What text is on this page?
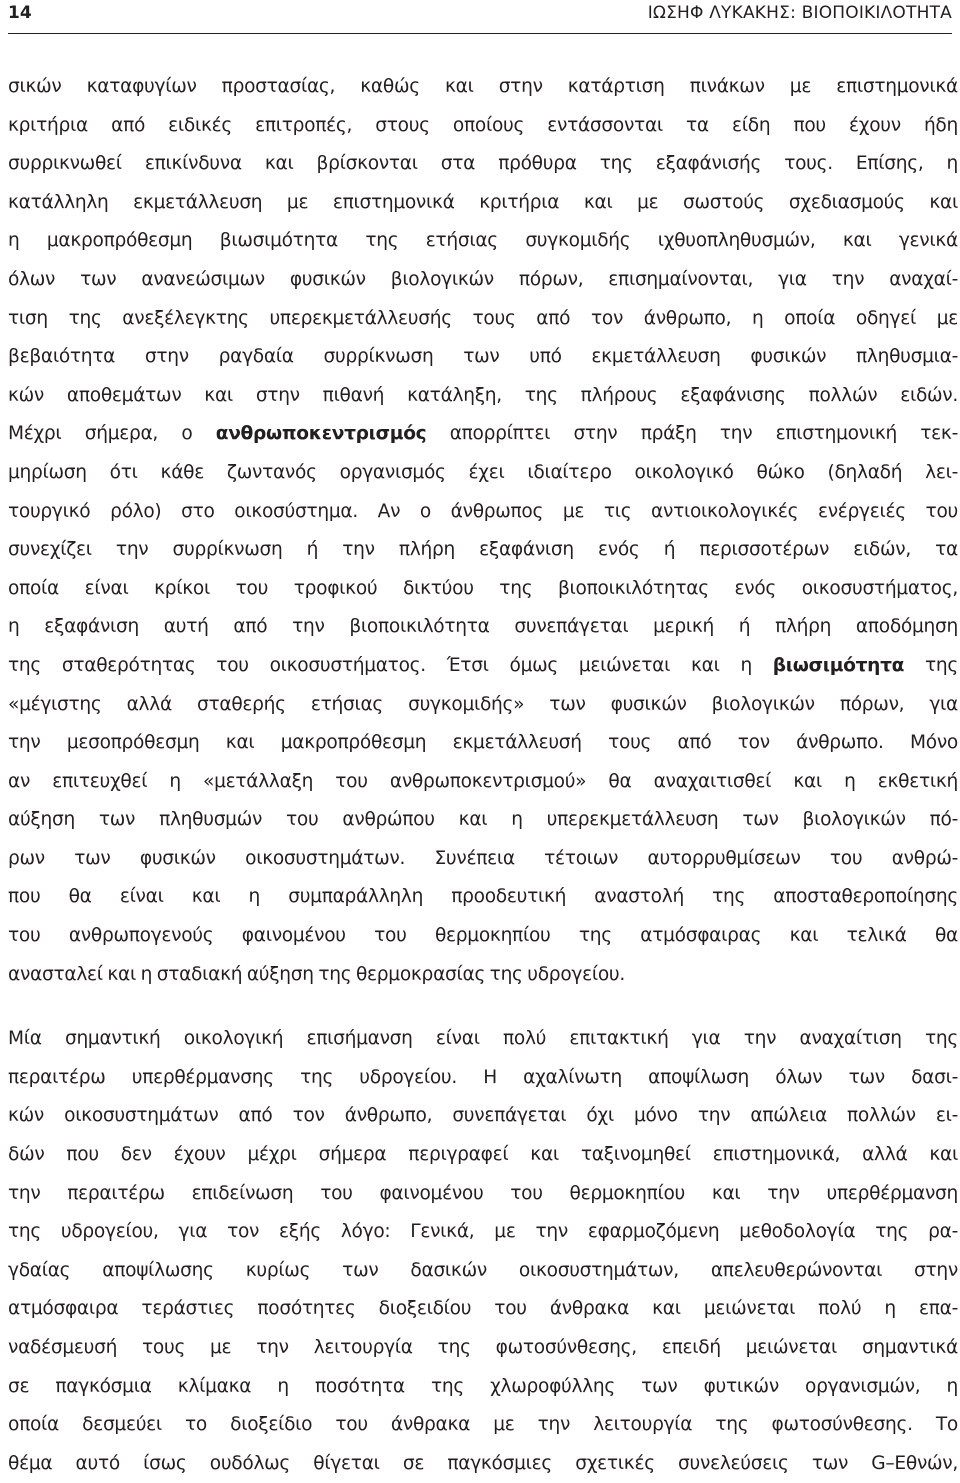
14	ΙΩΣΗΦ ΛΥΚΑΚΗΣ: ΒΙΟΠΟΙΚΙΛΟΤΗΤΑ
σικών καταφυγίων προστασίας, καθώς και στην κατάρτιση πινάκων με επιστημονικά
κριτήρια από ειδικές επιτροπές, στους οποίους εντάσσονται τα είδη που έχουν ήδη
συρρικνωθεί επικίνδυνα και βρίσκονται στα πρόθυρα της εξαφάνισής τους. Επίσης, η
κατάλληλη εκμετάλλευση με επιστημονικά κριτήρια και με σωστούς σχεδιασμούς και
η μακροπρόθεσμη βιωσιμότητα της ετήσιας συγκομιδής ιχθυοπληθυσμών, και γενικά
όλων των ανανεώσιμων φυσικών βιολογικών πόρων, επισημαίνονται, για την αναχαί-
τιση της ανεξέλεγκτης υπερεκμετάλλευσής τους από τον άνθρωπο, η οποία οδηγεί με
βεβαιότητα στην ραγδαία συρρίκνωση των υπό εκμετάλλευση φυσικών πληθυσμια-
κών αποθεμάτων και στην πιθανή κατάληξη, της πλήρους εξαφάνισης πολλών ειδών.
Μέχρι σήμερα, ο ανθρωποκεντρισμός απορρίπτει στην πράξη την επιστημονική τεκ-
μηρίωση ότι κάθε ζωντανός οργανισμός έχει ιδιαίτερο οικολογικό θώκο (δηλαδή λει-
τουργικό ρόλο) στο οικοσύστημα. Αν ο άνθρωπος με τις αντιοικολογικές ενέργειές του
συνεχίζει την συρρίκνωση ή την πλήρη εξαφάνιση ενός ή περισσοτέρων ειδών, τα
οποία είναι κρίκοι του τροφικού δικτύου της βιοποικιλότητας ενός οικοσυστήματος,
η εξαφάνιση αυτή από την βιοποικιλότητα συνεπάγεται μερική ή πλήρη αποδόμηση
της σταθερότητας του οικοσυστήματος. Έτσι όμως μειώνεται και η βιωσιμότητα της
«μέγιστης αλλά σταθερής ετήσιας συγκομιδής» των φυσικών βιολογικών πόρων, για
την μεσοπρόθεσμη και μακροπρόθεσμη εκμετάλλευσή τους από τον άνθρωπο. Μόνο
αν επιτευχθεί η «μετάλλαξη του ανθρωποκεντρισμού» θα αναχαιτισθεί και η εκθετική
αύξηση των πληθυσμών του ανθρώπου και η υπερεκμετάλλευση των βιολογικών πό-
ρων των φυσικών οικοσυστημάτων. Συνέπεια τέτοιων αυτορρυθμίσεων του ανθρώ-
που θα είναι και η συμπαράλληλη προοδευτική αναστολή της αποσταθεροποίησης
του ανθρωπογενούς φαινομένου του θερμοκηπίου της ατμόσφαιρας και τελικά θα
ανασταλεί και η σταδιακή αύξηση της θερμοκρασίας της υδρογείου.
Μία σημαντική οικολογική επισήμανση είναι πολύ επιτακτική για την αναχαίτιση της
περαιτέρω υπερθέρμανσης της υδρογείου. Η αχαλίνωτη αποψίλωση όλων των δασι-
κών οικοσυστημάτων από τον άνθρωπο, συνεπάγεται όχι μόνο την απώλεια πολλών ει-
δών που δεν έχουν μέχρι σήμερα περιγραφεί και ταξινομηθεί επιστημονικά, αλλά και
την περαιτέρω επιδείνωση του φαινομένου του θερμοκηπίου και την υπερθέρμανση
της υδρογείου, για τον εξής λόγο: Γενικά, με την εφαρμοζόμενη μεθοδολογία της ρα-
γδαίας αποψίλωσης κυρίως των δασικών οικοσυστημάτων, απελευθερώνονται στην
ατμόσφαιρα τεράστιες ποσότητες διοξειδίου του άνθρακα και μειώνεται πολύ η επα-
ναδέσμευσή τους με την λειτουργία της φωτοσύνθεσης, επειδή μειώνεται σημαντικά
σε παγκόσμια κλίμακα η ποσότητα της χλωροφύλλης των φυτικών οργανισμών, η
οποία δεσμεύει το διοξείδιο του άνθρακα με την λειτουργία της φωτοσύνθεσης. Το
θέμα αυτό ίσως ουδόλως θίγεται σε παγκόσμιες σχετικές συνελεύσεις των G–Εθνών,
